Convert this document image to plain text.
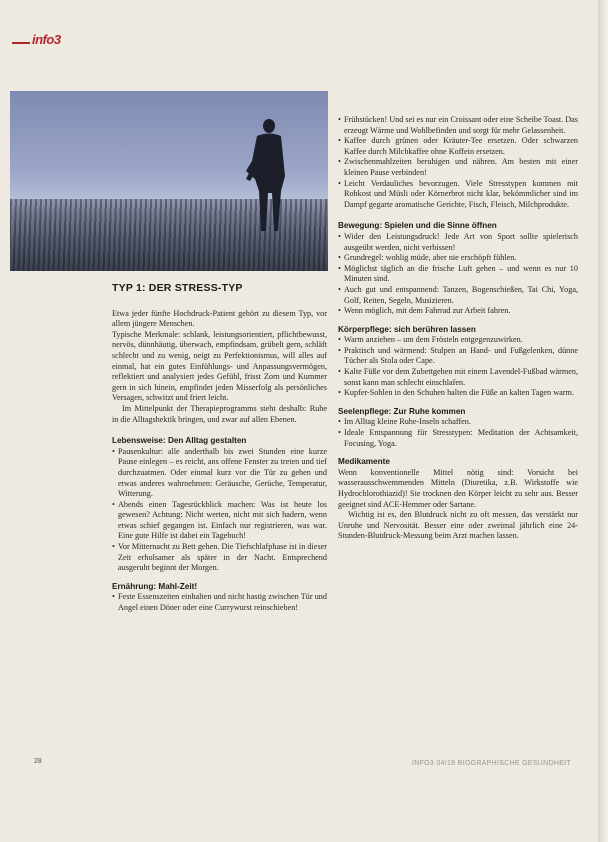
info3
TYP 1: DER STRESS-TYP

Etwa jeder fünfte Hochdruck-Patient gehört zu diesem Typ, vor allem jüngere Menschen.

Typische Merkmale: schlank, leistungsorientiert, pflichtbewusst, nervös, dünnhäutig, überwach, empfindsam, grübelt gern, schläft schlecht und zu wenig, neigt zu Perfektionismus, will alles auf einmal, hat ein gutes Einfühlungs- und Anpassungsvermögen, reflektiert und analysiert jedes Gefühl, frisst Zorn und Kummer gern in sich hinein, empfindet jeden Misserfolg als persönliches Versagen, schwitzt und friert leicht.

Im Mittelpunkt der Therapieprogramms steht deshalb: Ruhe in die Alltagshektik bringen, und zwar auf allen Ebenen.

Lebensweise: Den Alltag gestalten

• Pausenkultur: alle anderthalb bis zwei Stunden eine kurze Pause einlegen – es reicht, ans offene Fenster zu treten und tief durchzuatmen. Oder einmal kurz vor die Tür zu gehen und etwas anderes wahrnehmen: Geräusche, Gerüche, Temperatur, Witterung.

• Abends einen Tagesrückblick machen: Was ist heute los gewesen? Achtung: Nicht werten, nicht mit sich hadern, wenn etwas schief gegangen ist. Einfach nur registrieren, was war. Eine gute Hilfe ist dabei ein Tagebuch!

• Vor Mitternacht zu Bett gehen. Die Tiefschlafphase ist in dieser Zeit erholsamer als später in der Nacht. Entsprechend ausgeruht beginnt der Morgen.

Ernährung: Mahl-Zeit!

• Feste Essenszeiten einhalten und nicht hastig zwischen Tür und Angel einen Döner oder eine Currywurst reinschieben!

• Frühstücken! Und sei es nur ein Croissant oder eine Scheibe Toast. Das erzeugt Wärme und Wohlbefinden und sorgt für mehr Gelassenheit.

• Kaffee durch grünen oder Kräuter-Tee ersetzen. Oder schwarzen Kaffee durch Milchkaffee ohne Koffein ersetzen.

• Zwischenmahlzeiten beruhigen und nähren. Am besten mit einer kleinen Pause verbinden!

• Leicht Verdauliches bevorzugen. Viele Stresstypen kommen mit Rohkost und Müsli oder Körnerbrot nicht klar, bekömmlicher sind im Dampf gegarte aromatische Gerichte, Fisch, Fleisch, Milchprodukte.

Bewegung: Spielen und die Sinne öffnen

• Wider den Leistungsdruck! Jede Art von Sport sollte spielerisch ausgeübt werden, nicht verbissen!

• Grundregel: wohlig müde, aber nie erschöpft fühlen.

• Möglichst täglich an die frische Luft gehen – und wenn es nur 10 Minuten sind.

• Auch gut und entspannend: Tanzen, Bogenschießen, Tai Chi, Yoga, Golf, Reiten, Segeln, Musizieren.

• Wenn möglich, mit dem Fahrrad zur Arbeit fahren.

Körperpflege: sich berühren lassen

• Warm anziehen – um dem Frösteln entgegenzuwirken.

• Praktisch und wärmend: Stulpen an Hand- und Fußgelenken, dünne Tücher als Stola oder Cape.

• Kalte Füße vor dem Zubettgehen mit einem Lavendel-Fußbad wärmen, sonst kann man schlecht einschlafen.

• Kupfer-Sohlen in den Schuhen halten die Füße an kalten Tagen warm.

Seelenpflege: Zur Ruhe kommen

• Im Alltag kleine Ruhe-Inseln schaffen.

• Ideale Entspannung für Stresstypen: Meditation der Achtsamkeit, Focusing, Yoga.

Medikamente

Wenn konventionelle Mittel nötig sind: Vorsicht bei wasserausschwemmenden Mitteln (Diuretika, z.B. Wirkstoffe wie Hydrochlorothiazid)! Sie trocknen den Körper leicht zu sehr aus. Besser geeignet sind ACE-Hemmer oder Sartane.

Wichtig ist es, den Blutdruck nicht zu oft messen, das verstärkt nur Unruhe und Nervosität. Besser eine oder zweimal jährlich eine 24-Stunden-Blutdruck-Messung beim Arzt machen lassen.

28	INFO3 04/18 BIOGRAPHISCHE GESUNDHEIT
